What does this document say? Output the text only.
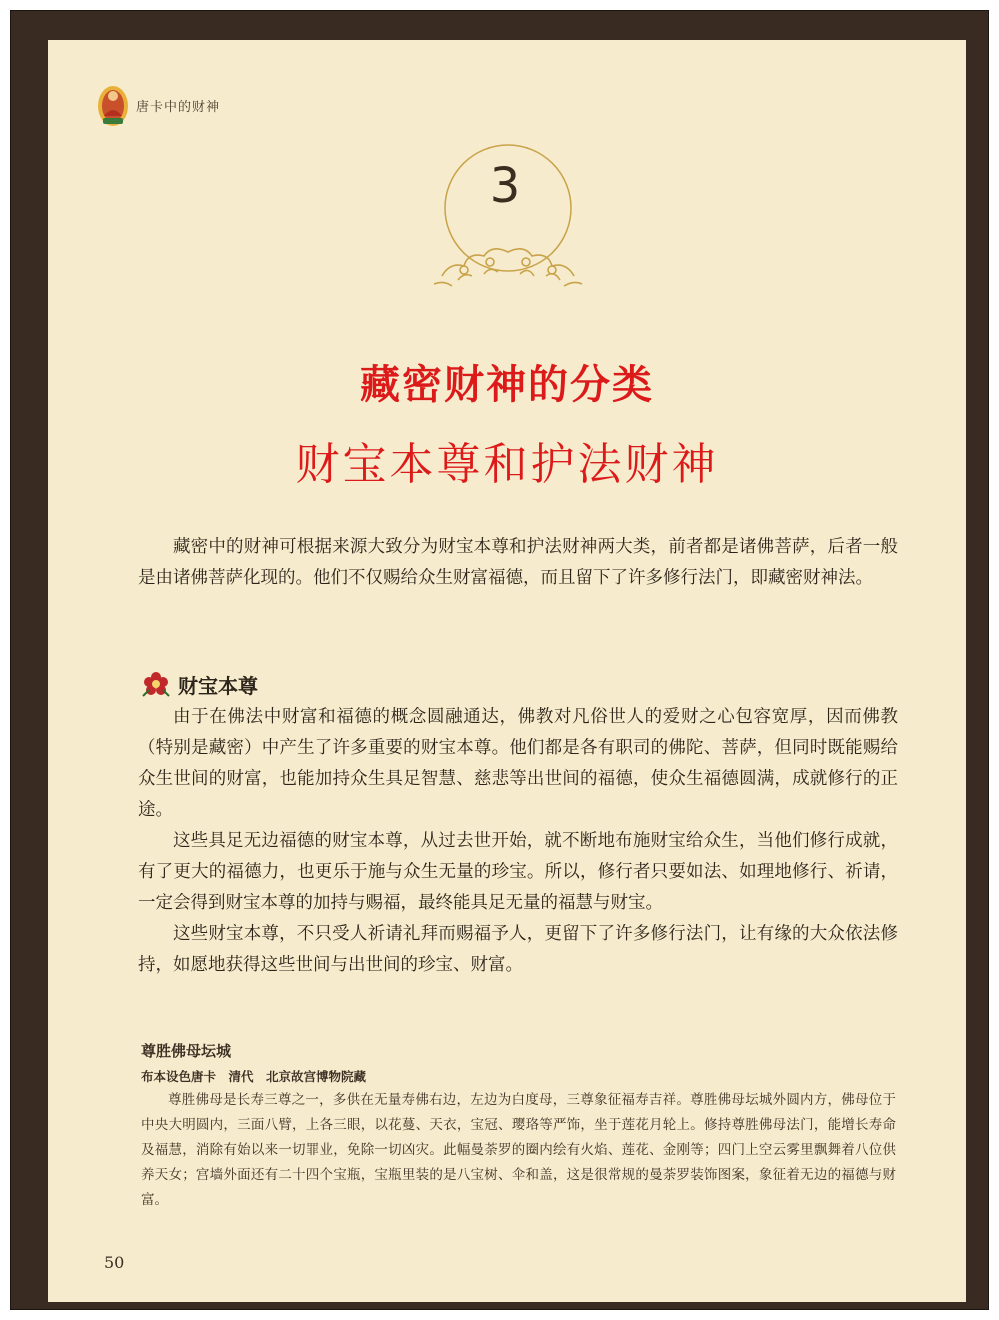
唐卡中的财神
3
藏密财神的分类
财宝本尊和护法财神
藏密中的财神可根据来源大致分为财宝本尊和护法财神两大类，前者都是诸佛菩萨，后者一般是由诸佛菩萨化现的。他们不仅赐给众生财富福德，而且留下了许多修行法门，即藏密财神法。
财宝本尊
由于在佛法中财富和福德的概念圆融通达，佛教对凡俗世人的爱财之心包容宽厚，因而佛教（特别是藏密）中产生了许多重要的财宝本尊。他们都是各有职司的佛陀、菩萨，但同时既能赐给众生世间的财富，也能加持众生具足智慧、慈悲等出世间的福德，使众生福德圆满，成就修行的正途。
这些具足无边福德的财宝本尊，从过去世开始，就不断地布施财宝给众生，当他们修行成就，有了更大的福德力，也更乐于施与众生无量的珍宝。所以，修行者只要如法、如理地修行、祈请，一定会得到财宝本尊的加持与赐福，最终能具足无量的福慧与财宝。
这些财宝本尊，不只受人祈请礼拜而赐福予人，更留下了许多修行法门，让有缘的大众依法修持，如愿地获得这些世间与出世间的珍宝、财富。
尊胜佛母坛城
布本设色唐卡　清代　北京故宫博物院藏
尊胜佛母是长寿三尊之一，多供在无量寿佛右边，左边为白度母，三尊象征福寿吉祥。尊胜佛母坛城外圆内方，佛母位于中央大明圆内，三面八臂，上各三眼，以花蔓、天衣，宝冠、璎珞等严饰，坐于莲花月轮上。修持尊胜佛母法门，能增长寿命及福慧，消除有始以来一切罪业，免除一切凶灾。此幅曼荼罗的圈内绘有火焰、莲花、金刚等；四门上空云雾里飘舞着八位供养天女；宫墙外面还有二十四个宝瓶，宝瓶里装的是八宝树、伞和盖，这是很常规的曼荼罗装饰图案，象征着无边的福德与财富。
50
